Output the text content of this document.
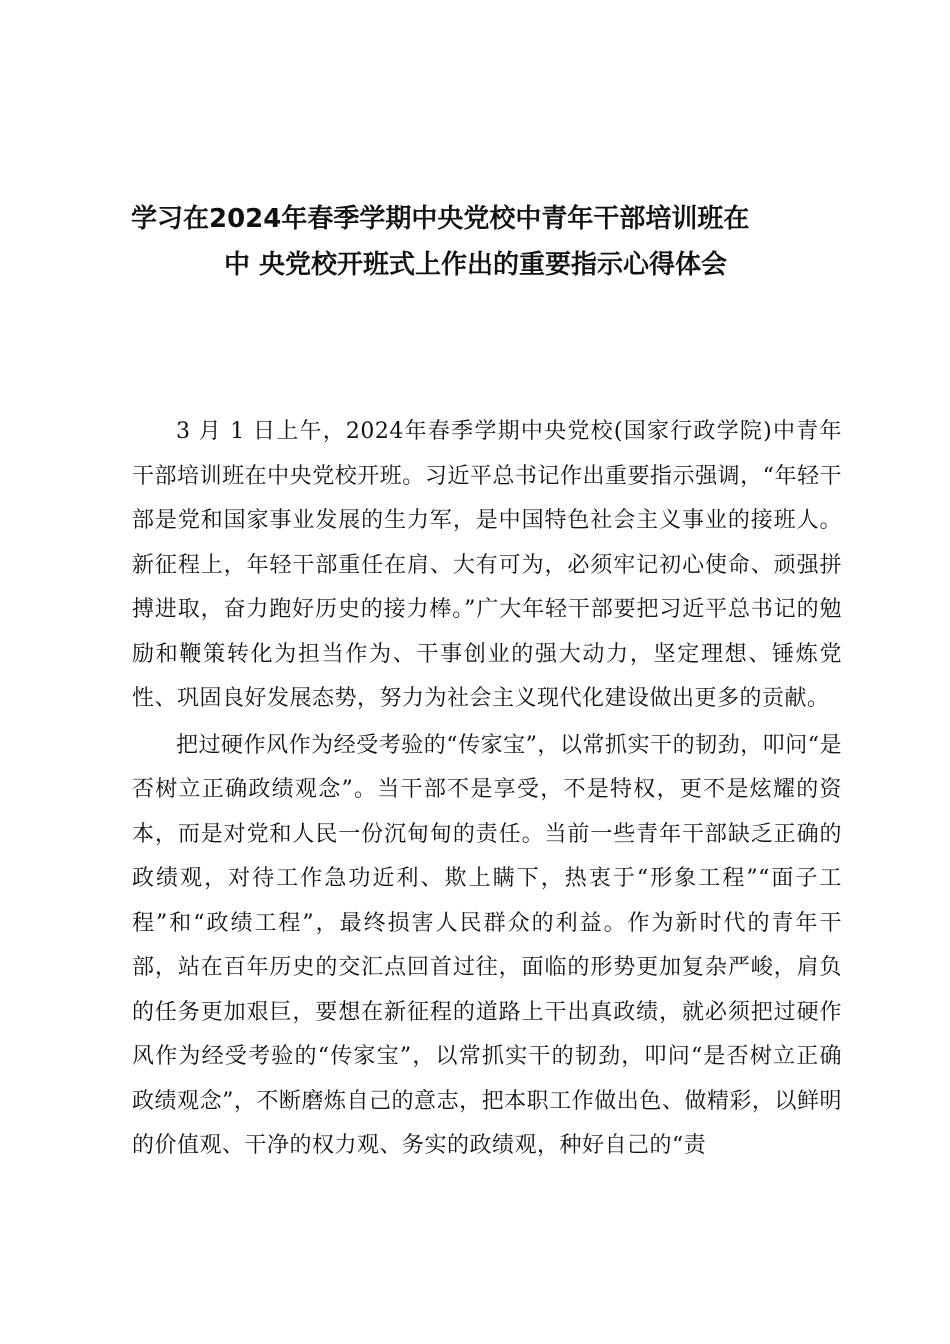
学习在2024年春季学期中央党校中青年干部培训班在
中 央党校开班式上作出的重要指示心得体会

3 月 1 日上午，2024年春季学期中央党校(国家行政学院)中青年干部培训班在中央党校开班。习近平总书记作出重要指示强调，“年轻干部是党和国家事业发展的生力军，是中国特色社会主义事业的接班人。新征程上，年轻干部重任在肩、大有可为，必须牢记初心使命、顽强拼搏进取，奋力跑好历史的接力棒。”广大年轻干部要把习近平总书记的勉励和鞭策转化为担当作为、干事创业的强大动力，坚定理想、锤炼党性、巩固良好发展态势，努力为社会主义现代化建设做出更多的贡献。

把过硬作风作为经受考验的“传家宝”，以常抓实干的韧劲，叩问“是否树立正确政绩观念”。当干部不是享受，不是特权，更不是炫耀的资本，而是对党和人民一份沉甸甸的责任。当前一些青年干部缺乏正确的政绩观，对待工作急功近利、欺上瞒下，热衷于“形象工程”“面子工程”和“政绩工程”，最终损害人民群众的利益。作为新时代的青年干部，站在百年历史的交汇点回首过往，面临的形势更加复杂严峻，肩负的任务更加艰巨，要想在新征程的道路上干出真政绩，就必须把过硬作风作为经受考验的“传家宝”，以常抓实干的韧劲，叩问“是否树立正确政绩观念”，不断磨炼自己的意志，把本职工作做出色、做精彩，以鲜明的价值观、干净的权力观、务实的政绩观，种好自己的“责
